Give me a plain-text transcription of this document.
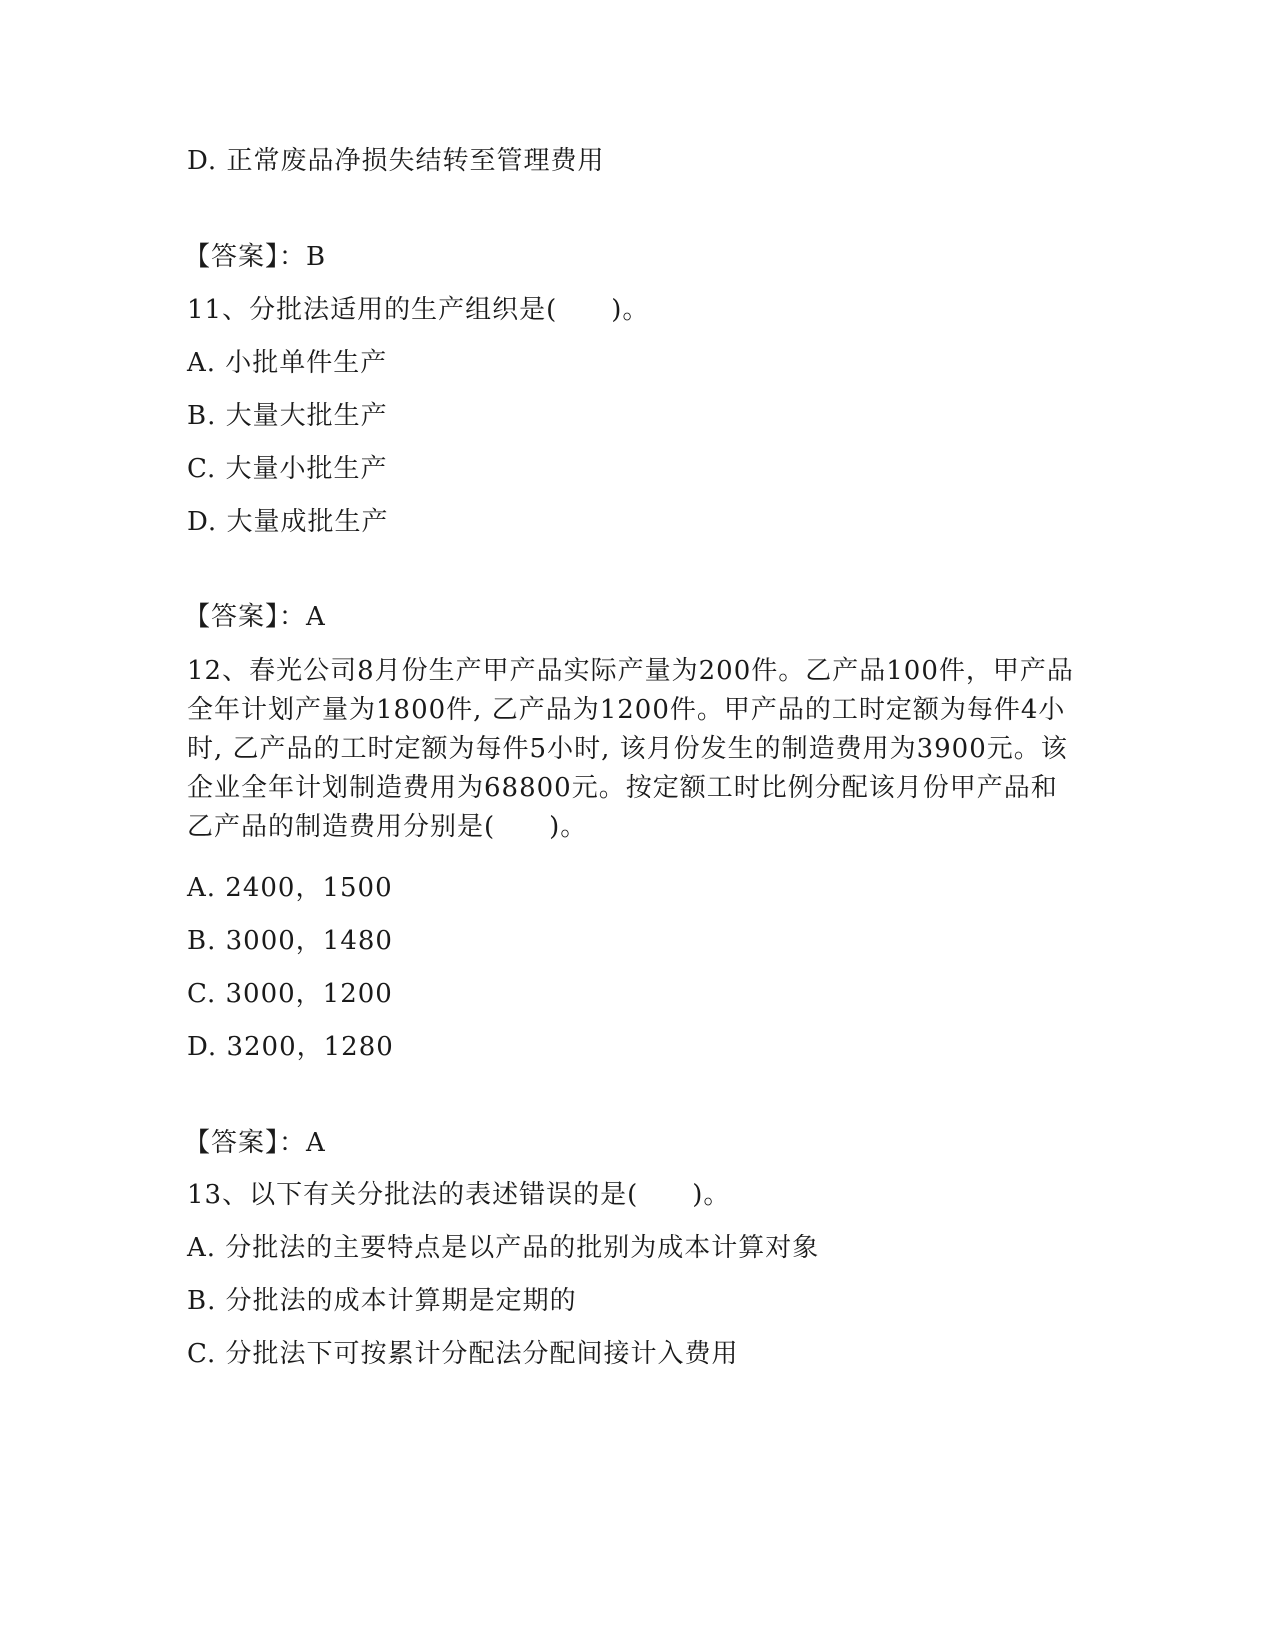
D. 正常废品净损失结转至管理费用
【答案】：B
11、分批法适用的生产组织是(　　)。
A. 小批单件生产
B. 大量大批生产
C. 大量小批生产
D. 大量成批生产
【答案】：A
12、春光公司8月份生产甲产品实际产量为200件。乙产品100件，甲产品全年计划产量为1800件, 乙产品为1200件。甲产品的工时定额为每件4小时, 乙产品的工时定额为每件5小时, 该月份发生的制造费用为3900元。该企业全年计划制造费用为68800元。按定额工时比例分配该月份甲产品和乙产品的制造费用分别是(　　)。
A. 2400，1500
B. 3000，1480
C. 3000，1200
D. 3200，1280
【答案】：A
13、以下有关分批法的表述错误的是(　　)。
A. 分批法的主要特点是以产品的批别为成本计算对象
B. 分批法的成本计算期是定期的
C. 分批法下可按累计分配法分配间接计入费用
